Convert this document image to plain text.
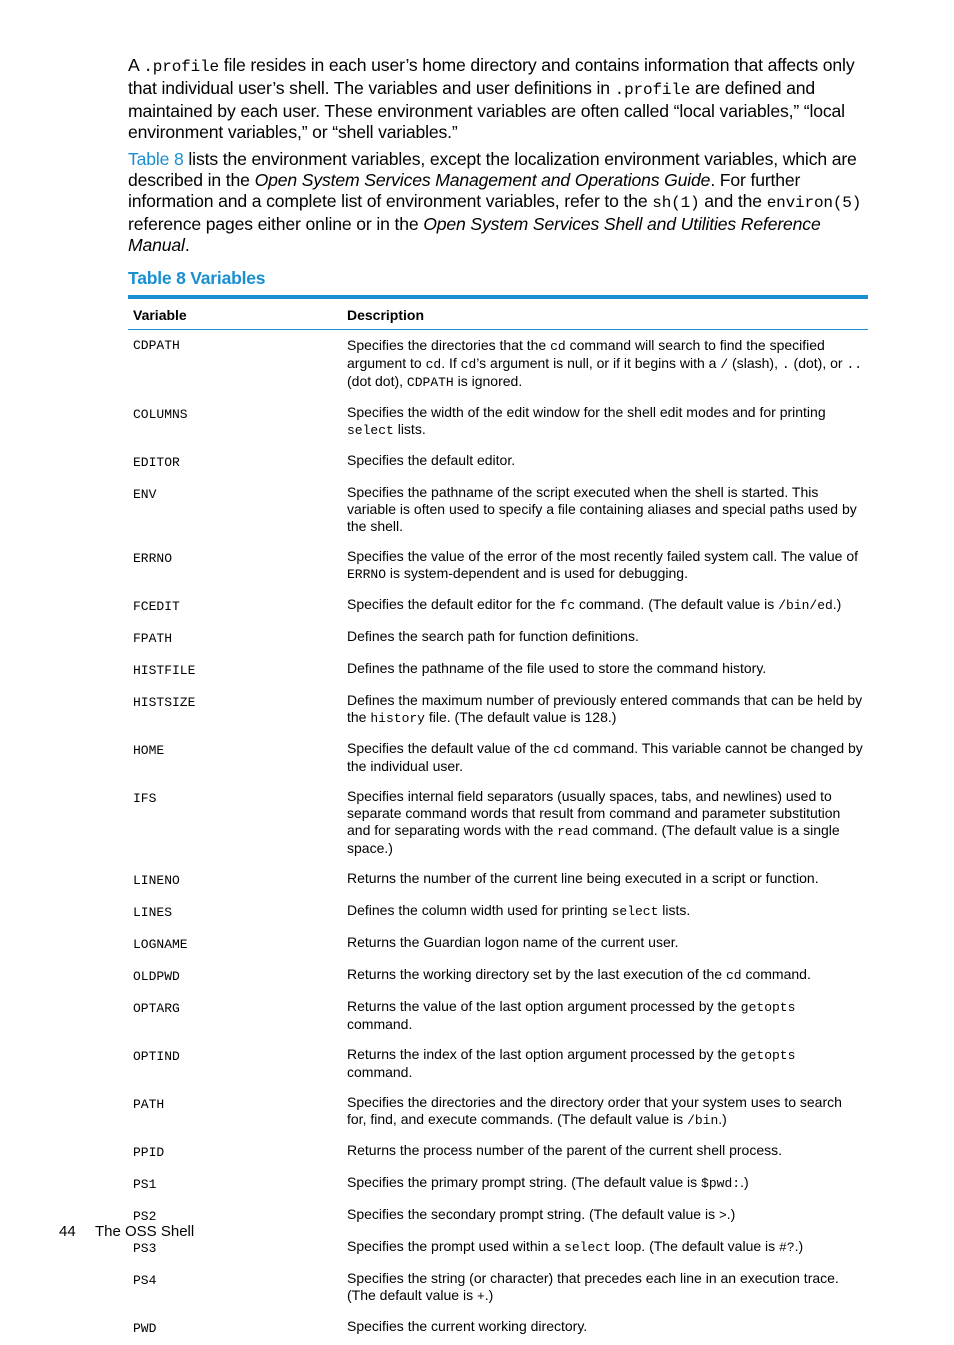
A .profile file resides in each user’s home directory and contains information that affects only that individual user’s shell. The variables and user definitions in .profile are defined and maintained by each user. These environment variables are often called “local variables,” “local environment variables,” or “shell variables.”

Table 8 lists the environment variables, except the localization environment variables, which are described in the Open System Services Management and Operations Guide. For further information and a complete list of environment variables, refer to the sh(1) and the environ(5) reference pages either online or in the Open System Services Shell and Utilities Reference Manual.

Table 8 Variables
Variable	Description
CDPATH	Specifies the directories that the cd command will search to find the specified argument to cd. If cd’s argument is null, or if it begins with a / (slash), . (dot), or .. (dot dot), CDPATH is ignored.
COLUMNS	Specifies the width of the edit window for the shell edit modes and for printing select lists.
EDITOR	Specifies the default editor.
ENV	Specifies the pathname of the script executed when the shell is started. This variable is often used to specify a file containing aliases and special paths used by the shell.
ERRNO	Specifies the value of the error of the most recently failed system call. The value of ERRNO is system-dependent and is used for debugging.
FCEDIT	Specifies the default editor for the fc command. (The default value is /bin/ed.)
FPATH	Defines the search path for function definitions.
HISTFILE	Defines the pathname of the file used to store the command history.
HISTSIZE	Defines the maximum number of previously entered commands that can be held by the history file. (The default value is 128.)
HOME	Specifies the default value of the cd command. This variable cannot be changed by the individual user.
IFS	Specifies internal field separators (usually spaces, tabs, and newlines) used to separate command words that result from command and parameter substitution and for separating words with the read command. (The default value is a single space.)
LINENO	Returns the number of the current line being executed in a script or function.
LINES	Defines the column width used for printing select lists.
LOGNAME	Returns the Guardian logon name of the current user.
OLDPWD	Returns the working directory set by the last execution of the cd command.
OPTARG	Returns the value of the last option argument processed by the getopts command.
OPTIND	Returns the index of the last option argument processed by the getopts command.
PATH	Specifies the directories and the directory order that your system uses to search for, find, and execute commands. (The default value is /bin.)
PPID	Returns the process number of the parent of the current shell process.
PS1	Specifies the primary prompt string. (The default value is $pwd:.)
PS2	Specifies the secondary prompt string. (The default value is >.)
PS3	Specifies the prompt used within a select loop. (The default value is #?.)
PS4	Specifies the string (or character) that precedes each line in an execution trace. (The default value is +.)
PWD	Specifies the current working directory.
44 The OSS Shell
